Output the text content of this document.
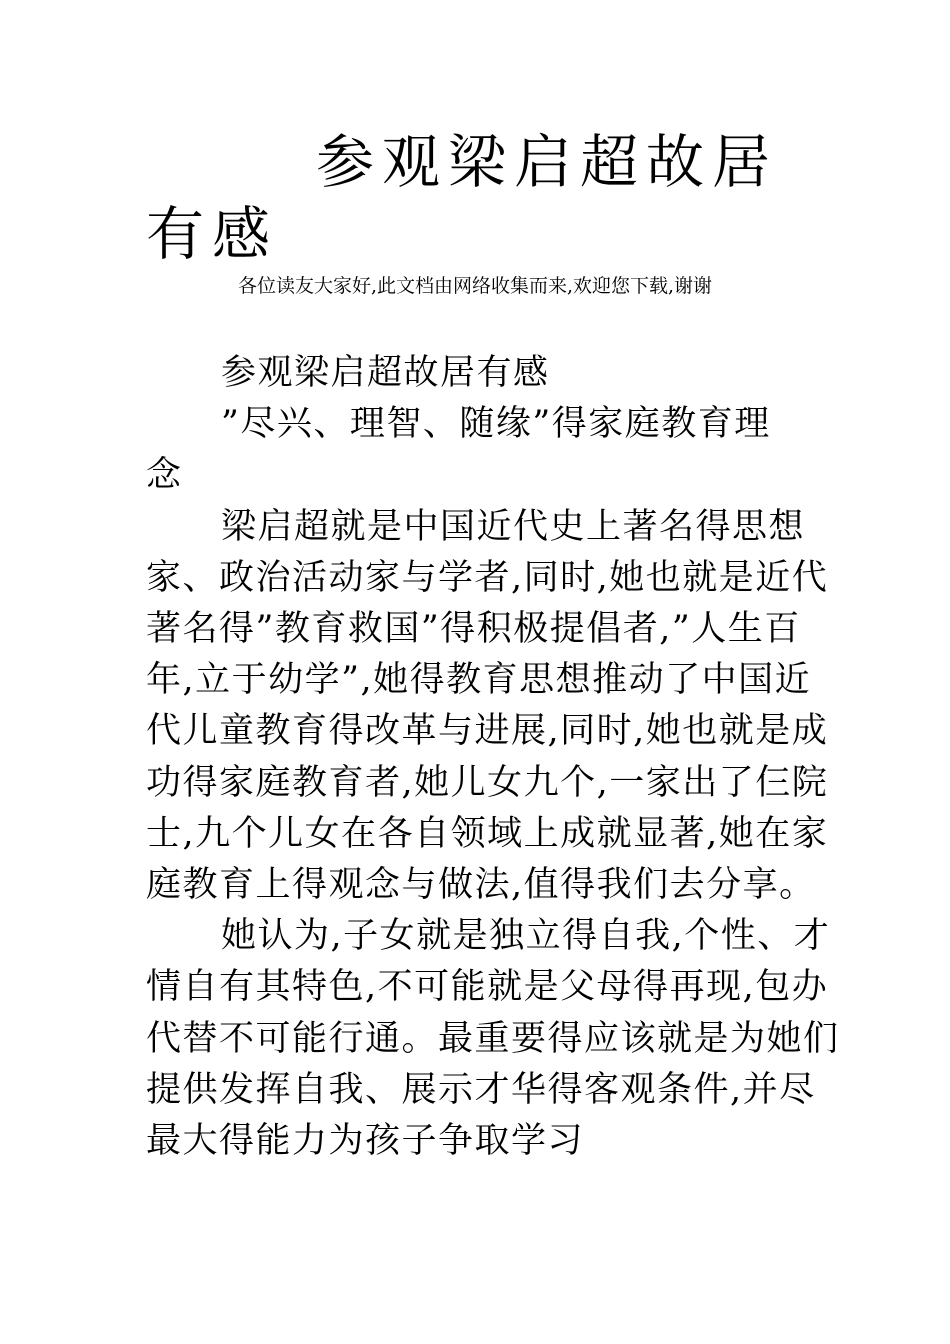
参观梁启超故居有感
各位读友大家好,此文档由网络收集而来,欢迎您下载,谢谢

参观梁启超故居有感

”尽兴、理智、随缘”得家庭教育理念

梁启超就是中国近代史上著名得思想家、政治活动家与学者,同时,她也就是近代著名得”教育救国”得积极提倡者,”人生百年,立于幼学”,她得教育思想推动了中国近代儿童教育得改革与进展,同时,她也就是成功得家庭教育者,她儿女九个,一家出了仨院士,九个儿女在各自领域上成就显著,她在家庭教育上得观念与做法,值得我们去分享。

她认为,子女就是独立得自我,个性、才情自有其特色,不可能就是父母得再现,包办代替不可能行通。最重要得应该就是为她们提供发挥自我、展示才华得客观条件,并尽最大得能力为孩子争取学习
